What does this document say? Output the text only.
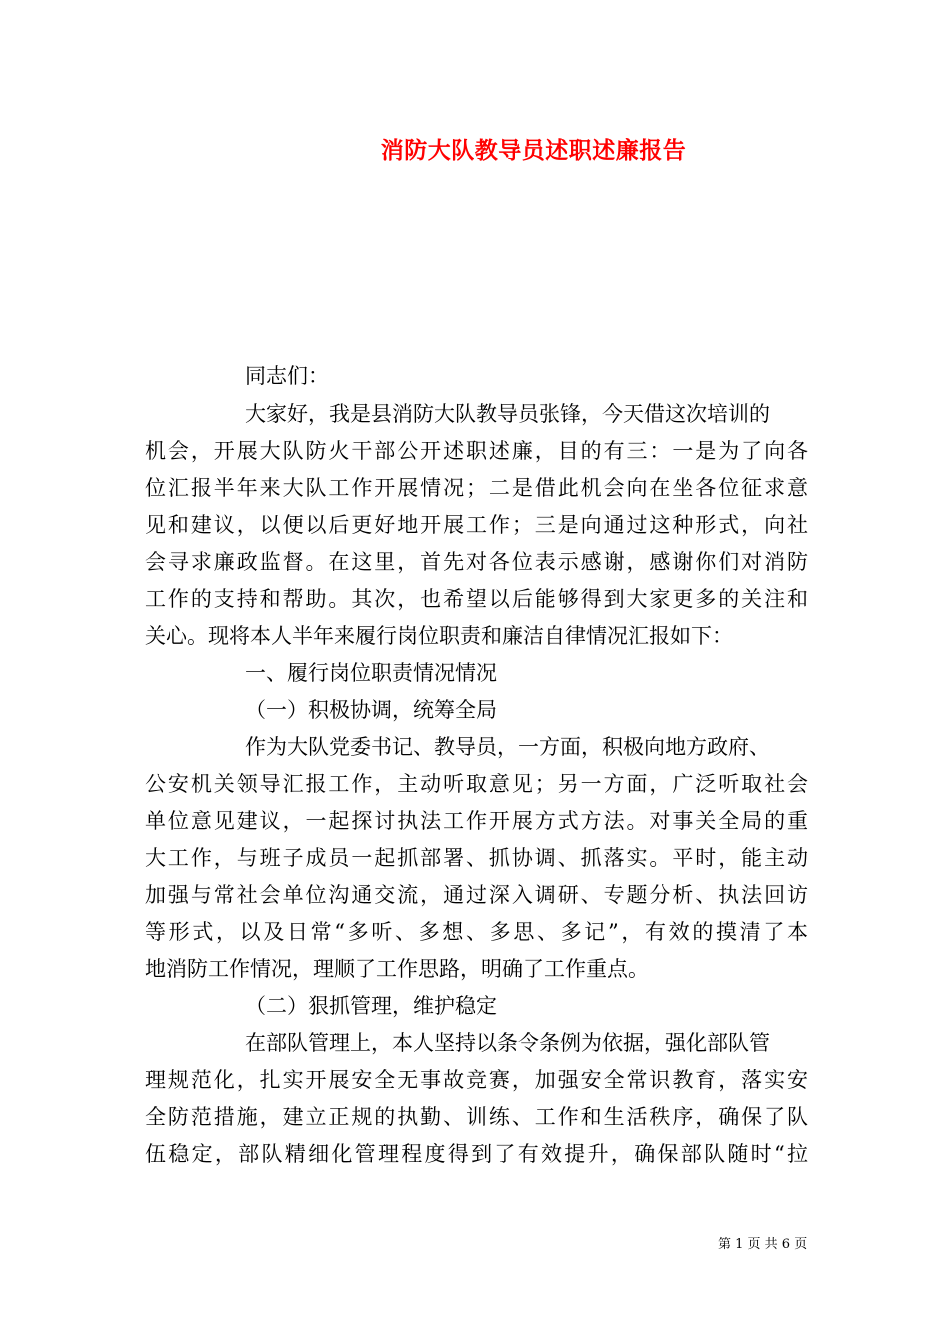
消防大队教导员述职述廉报告
同志们：
大家好，我是县消防大队教导员张锋，今天借这次培训的
机会，开展大队防火干部公开述职述廉，目的有三：一是为了向各
位汇报半年来大队工作开展情况；二是借此机会向在坐各位征求意
见和建议，以便以后更好地开展工作；三是向通过这种形式，向社
会寻求廉政监督。在这里，首先对各位表示感谢，感谢你们对消防
工作的支持和帮助。其次，也希望以后能够得到大家更多的关注和
关心。现将本人半年来履行岗位职责和廉洁自律情况汇报如下：
一、履行岗位职责情况情况
（一）积极协调，统筹全局
作为大队党委书记、教导员，一方面，积极向地方政府、
公安机关领导汇报工作，主动听取意见；另一方面，广泛听取社会
单位意见建议，一起探讨执法工作开展方式方法。对事关全局的重
大工作，与班子成员一起抓部署、抓协调、抓落实。平时，能主动
加强与常社会单位沟通交流，通过深入调研、专题分析、执法回访
等形式，以及日常“多听、多想、多思、多记”，有效的摸清了本
地消防工作情况，理顺了工作思路，明确了工作重点。
（二）狠抓管理，维护稳定
在部队管理上，本人坚持以条令条例为依据，强化部队管
理规范化，扎实开展安全无事故竞赛，加强安全常识教育，落实安
全防范措施，建立正规的执勤、训练、工作和生活秩序，确保了队
伍稳定，部队精细化管理程度得到了有效提升，确保部队随时“拉
第 1 页 共 6 页
